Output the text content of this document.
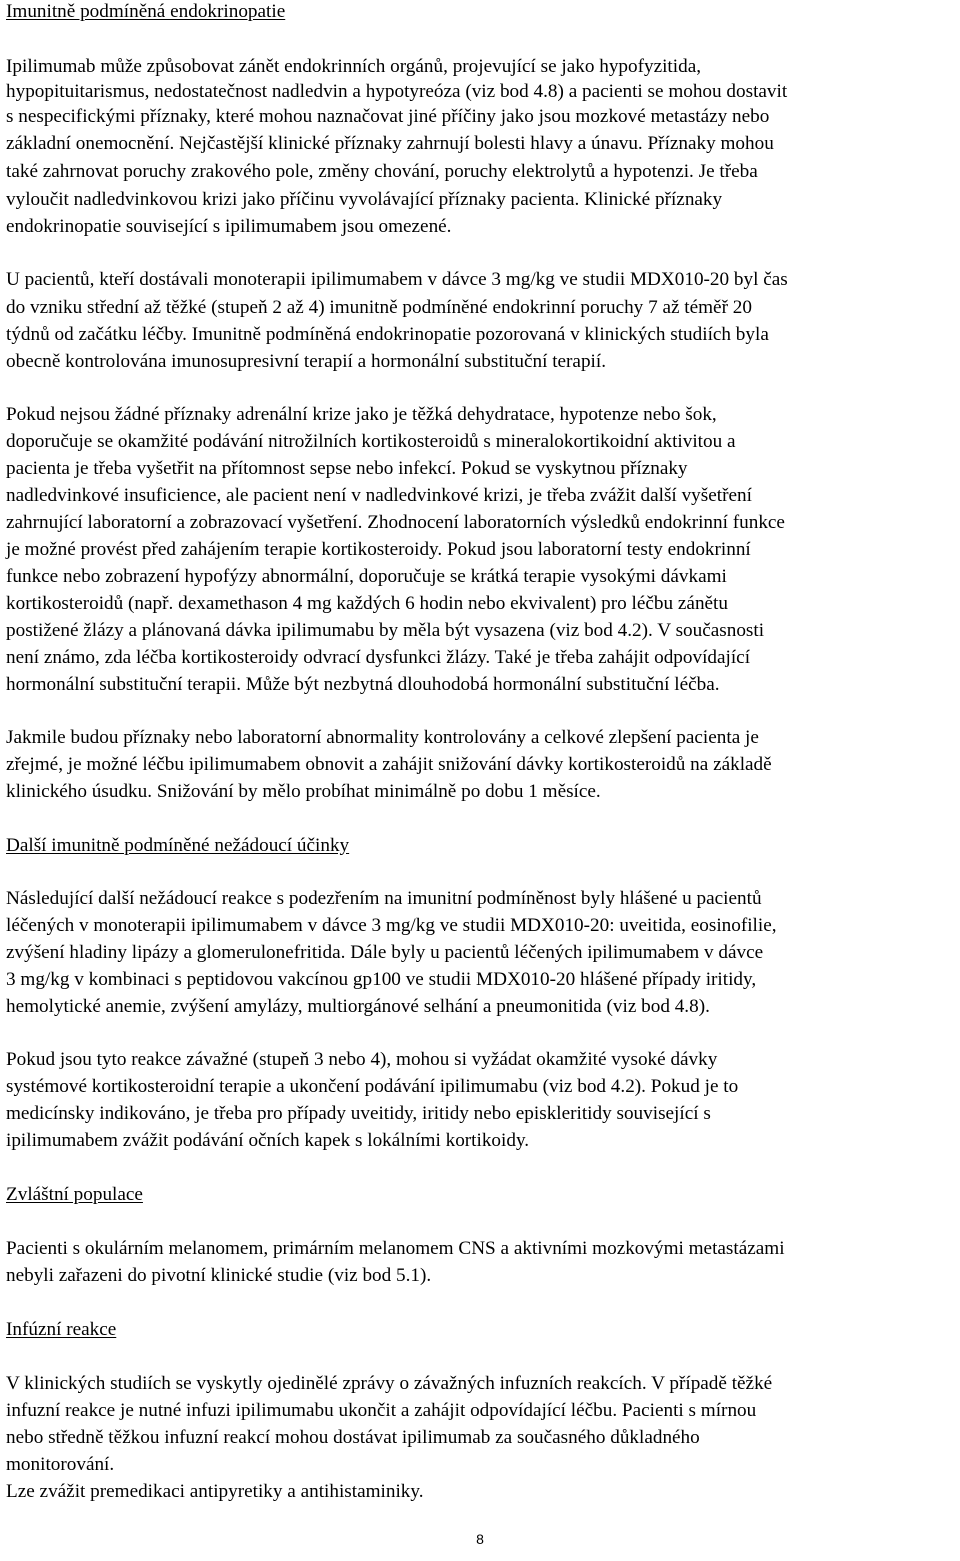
Imunitně podmíněná endokrinopatie
Ipilimumab může způsobovat zánět endokrinních orgánů, projevující se jako hypofyzitida,
hypopituitarismus, nedostatečnost nadledvin a hypotyreóza (viz bod 4.8) a pacienti se mohou dostavit
s nespecifickými příznaky, které mohou naznačovat jiné příčiny jako jsou mozkové metastázy nebo
základní onemocnění. Nejčastější klinické příznaky zahrnují bolesti hlavy a únavu. Příznaky mohou
také zahrnovat poruchy zrakového pole, změny chování, poruchy elektrolytů a hypotenzi. Je třeba
vyloučit nadledvinkovou krizi jako příčinu vyvolávající příznaky pacienta. Klinické příznaky
endokrinopatie související s ipilimumabem jsou omezené.
U pacientů, kteří dostávali monoterapii ipilimumabem v dávce 3 mg/kg ve studii MDX010-20 byl čas
do vzniku střední až těžké (stupeň 2 až 4) imunitně podmíněné endokrinní poruchy 7 až téměř 20
týdnů od začátku léčby. Imunitně podmíněná endokrinopatie pozorovaná v klinických studiích byla
obecně kontrolována imunosupresivní terapií a hormonální substituční terapií.
Pokud nejsou žádné příznaky adrenální krize jako je těžká dehydratace, hypotenze nebo šok,
doporučuje se okamžité podávání nitrožilních kortikosteroidů s mineralokortikoidní aktivitou a
pacienta je třeba vyšetřit na přítomnost sepse nebo infekcí. Pokud se vyskytnou příznaky
nadledvinkové insuficience, ale pacient není v nadledvinkové krizi, je třeba zvážit další vyšetření
zahrnující laboratorní a zobrazovací vyšetření. Zhodnocení laboratorních výsledků endokrinní funkce
je možné provést před zahájením terapie kortikosteroidy. Pokud jsou laboratorní testy endokrinní
funkce nebo zobrazení hypofýzy abnormální, doporučuje se krátká terapie vysokými dávkami
kortikosteroidů (např. dexamethason 4 mg každých 6 hodin nebo ekvivalent) pro léčbu zánětu
postižené žlázy a plánovaná dávka ipilimumabu by měla být vysazena (viz bod 4.2). V současnosti
není známo, zda léčba kortikosteroidy odvrací dysfunkci žlázy. Také je třeba zahájit odpovídající
hormonální substituční terapii. Může být nezbytná dlouhodobá hormonální substituční léčba.
Jakmile budou příznaky nebo laboratorní abnormality kontrolovány a celkové zlepšení pacienta je
zřejmé, je možné léčbu ipilimumabem obnovit a zahájit snižování dávky kortikosteroidů na základě
klinického úsudku. Snižování by mělo probíhat minimálně po dobu 1 měsíce.
Další imunitně podmíněné nežádoucí účinky
Následující další nežádoucí reakce s podezřením na imunitní podmíněnost byly hlášené u pacientů
léčených v monoterapii ipilimumabem v dávce 3 mg/kg ve studii MDX010-20: uveitida, eosinofilie,
zvýšení hladiny lipázy a glomerulonefritida. Dále byly u pacientů léčených ipilimumabem v dávce
3 mg/kg v kombinaci s peptidovou vakcínou gp100 ve studii MDX010-20 hlášené případy iritidy,
hemolytické anemie, zvýšení amylázy, multiorgánové selhání a pneumonitida (viz bod 4.8).
Pokud jsou tyto reakce závažné (stupeň 3 nebo 4), mohou si vyžádat okamžité vysoké dávky
systémové kortikosteroidní terapie a ukončení podávání ipilimumabu (viz bod 4.2). Pokud je to
medicínsky indikováno, je třeba pro případy uveitidy, iritidy nebo episkleritidy související s
ipilimumabem zvážit podávání očních kapek s lokálními kortikoidy.
Zvláštní populace
Pacienti s okulárním melanomem, primárním melanomem CNS a aktivními mozkovými metastázami
nebyli zařazeni do pivotní klinické studie (viz bod 5.1).
Infúzní reakce
V klinických studiích se vyskytly ojedinělé zprávy o závažných infuzních reakcích. V případě těžké
infuzní reakce je nutné infuzi ipilimumabu ukončit a zahájit odpovídající léčbu. Pacienti s mírnou
nebo středně těžkou infuzní reakcí mohou dostávat ipilimumab za současného důkladného
monitorování.
Lze zvážit premedikaci antipyretiky a antihistaminiky.
8
